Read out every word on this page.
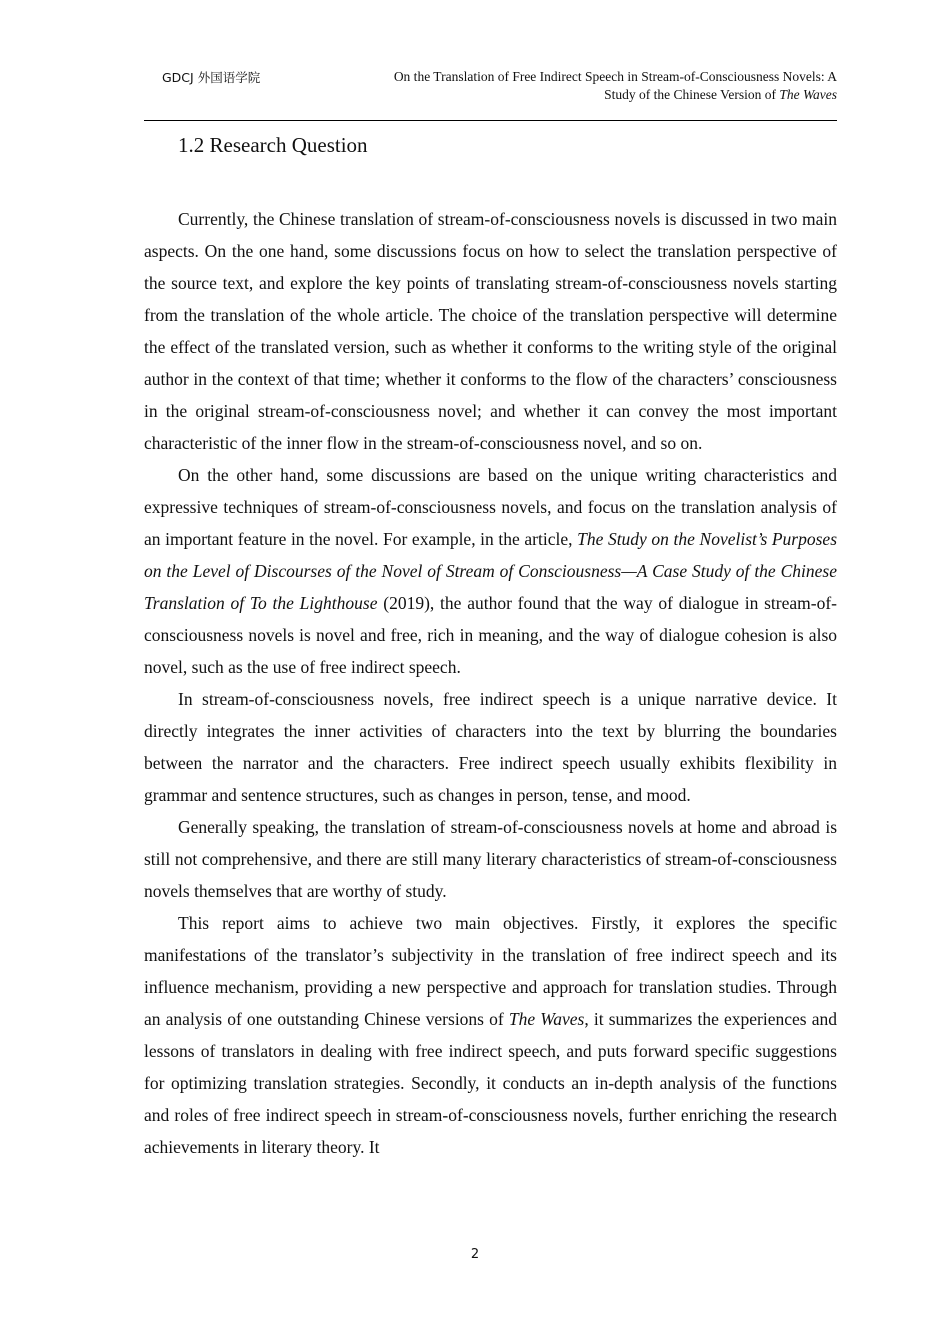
GDCJ 外国语学院	On the Translation of Free Indirect Speech in Stream-of-Consciousness Novels: A
Study of the Chinese Version of The Waves
1.2 Research Question

Currently, the Chinese translation of stream-of-consciousness novels is discussed in two main aspects. On the one hand, some discussions focus on how to select the translation perspective of the source text, and explore the key points of translating stream-of-consciousness novels starting from the translation of the whole article. The choice of the translation perspective will determine the effect of the translated version, such as whether it conforms to the writing style of the original author in the context of that time; whether it conforms to the flow of the characters’ consciousness in the original stream-of-consciousness novel; and whether it can convey the most important characteristic of the inner flow in the stream-of-consciousness novel, and so on.

On the other hand, some discussions are based on the unique writing characteristics and expressive techniques of stream-of-consciousness novels, and focus on the translation analysis of an important feature in the novel. For example, in the article, The Study on the Novelist’s Purposes on the Level of Discourses of the Novel of Stream of Consciousness—A Case Study of the Chinese Translation of To the Lighthouse (2019), the author found that the way of dialogue in stream-of-consciousness novels is novel and free, rich in meaning, and the way of dialogue cohesion is also novel, such as the use of free indirect speech.

In stream-of-consciousness novels, free indirect speech is a unique narrative device. It directly integrates the inner activities of characters into the text by blurring the boundaries between the narrator and the characters. Free indirect speech usually exhibits flexibility in grammar and sentence structures, such as changes in person, tense, and mood.

Generally speaking, the translation of stream-of-consciousness novels at home and abroad is still not comprehensive, and there are still many literary characteristics of stream-of-consciousness novels themselves that are worthy of study.

This report aims to achieve two main objectives. Firstly, it explores the specific manifestations of the translator’s subjectivity in the translation of free indirect speech and its influence mechanism, providing a new perspective and approach for translation studies. Through an analysis of one outstanding Chinese versions of The Waves, it summarizes the experiences and lessons of translators in dealing with free indirect speech, and puts forward specific suggestions for optimizing translation strategies. Secondly, it conducts an in-depth analysis of the functions and roles of free indirect speech in stream-of-consciousness novels, further enriching the research achievements in literary theory. It

2
